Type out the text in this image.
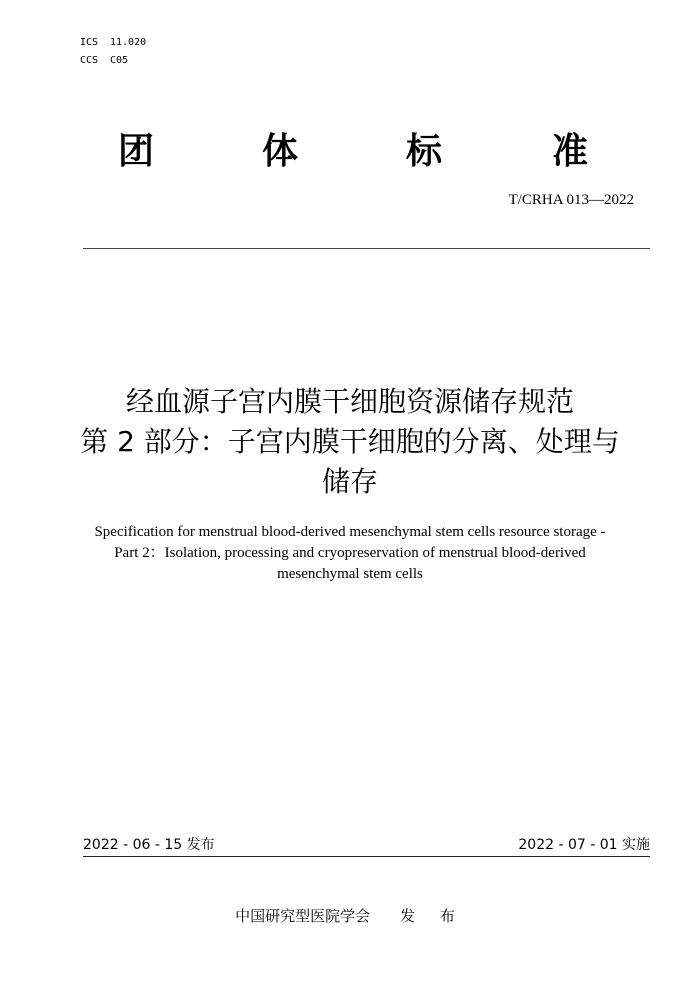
ICS 11.020
CCS C05
团	体	标	准
T/CRHA 013—2022
经血源子宫内膜干细胞资源储存规范
第 2 部分：子宫内膜干细胞的分离、处理与
储存
Specification for menstrual blood-derived mesenchymal stem cells resource storage -
Part 2：Isolation, processing and cryopreservation of menstrual blood-derived
mesenchymal stem cells
2022 - 06 - 15 发布	2022 - 07 - 01 实施
中国研究型医院学会 发 布
